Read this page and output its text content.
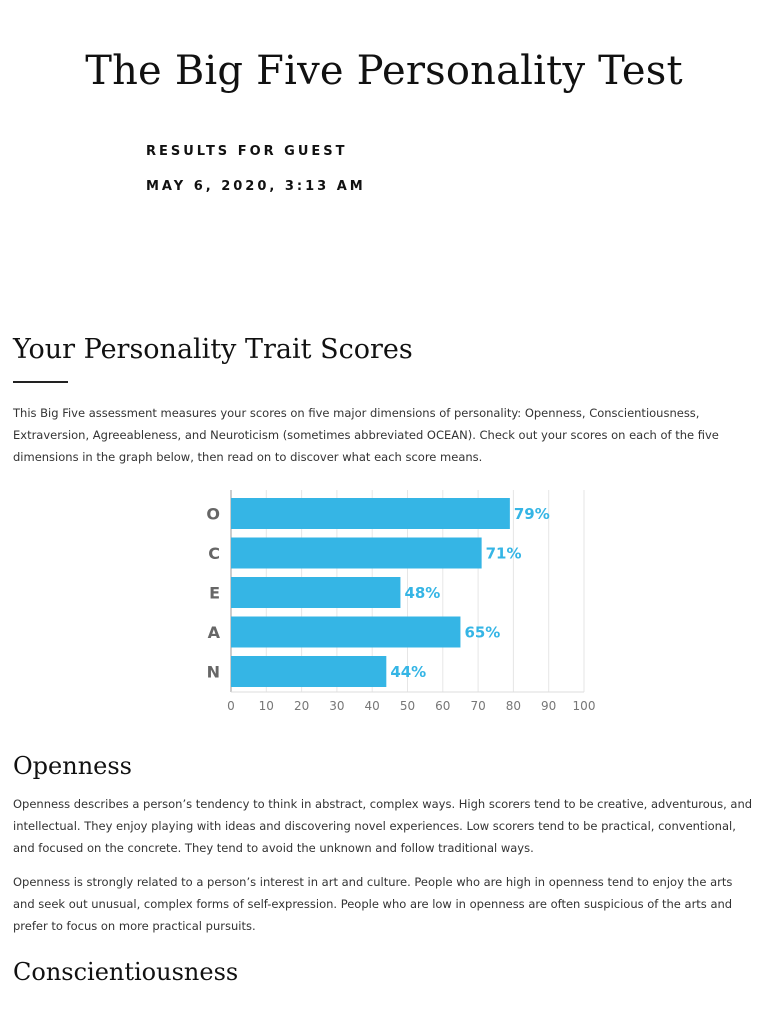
The Big Five Personality Test
RESULTS FOR GUEST
MAY 6, 2020, 3:13 AM
Your Personality Trait Scores

This Big Five assessment measures your scores on five major dimensions of personality: Openness, Conscientiousness, Extraversion, Agreeableness, and Neuroticism (sometimes abbreviated OCEAN). Check out your scores on each of the five dimensions in the graph below, then read on to discover what each score means.

0 10 20 30 40 50 60 70 80 90 100
O	79%
C	71%
E	48%
A	65%
N	44%
Openness

Openness describes a person’s tendency to think in abstract, complex ways. High scorers tend to be creative, adventurous, and intellectual. They enjoy playing with ideas and discovering novel experiences. Low scorers tend to be practical, conventional, and focused on the concrete. They tend to avoid the unknown and follow traditional ways.

Openness is strongly related to a person’s interest in art and culture. People who are high in openness tend to enjoy the arts and seek out unusual, complex forms of self-expression. People who are low in openness are often suspicious of the arts and prefer to focus on more practical pursuits.

Conscientiousness
